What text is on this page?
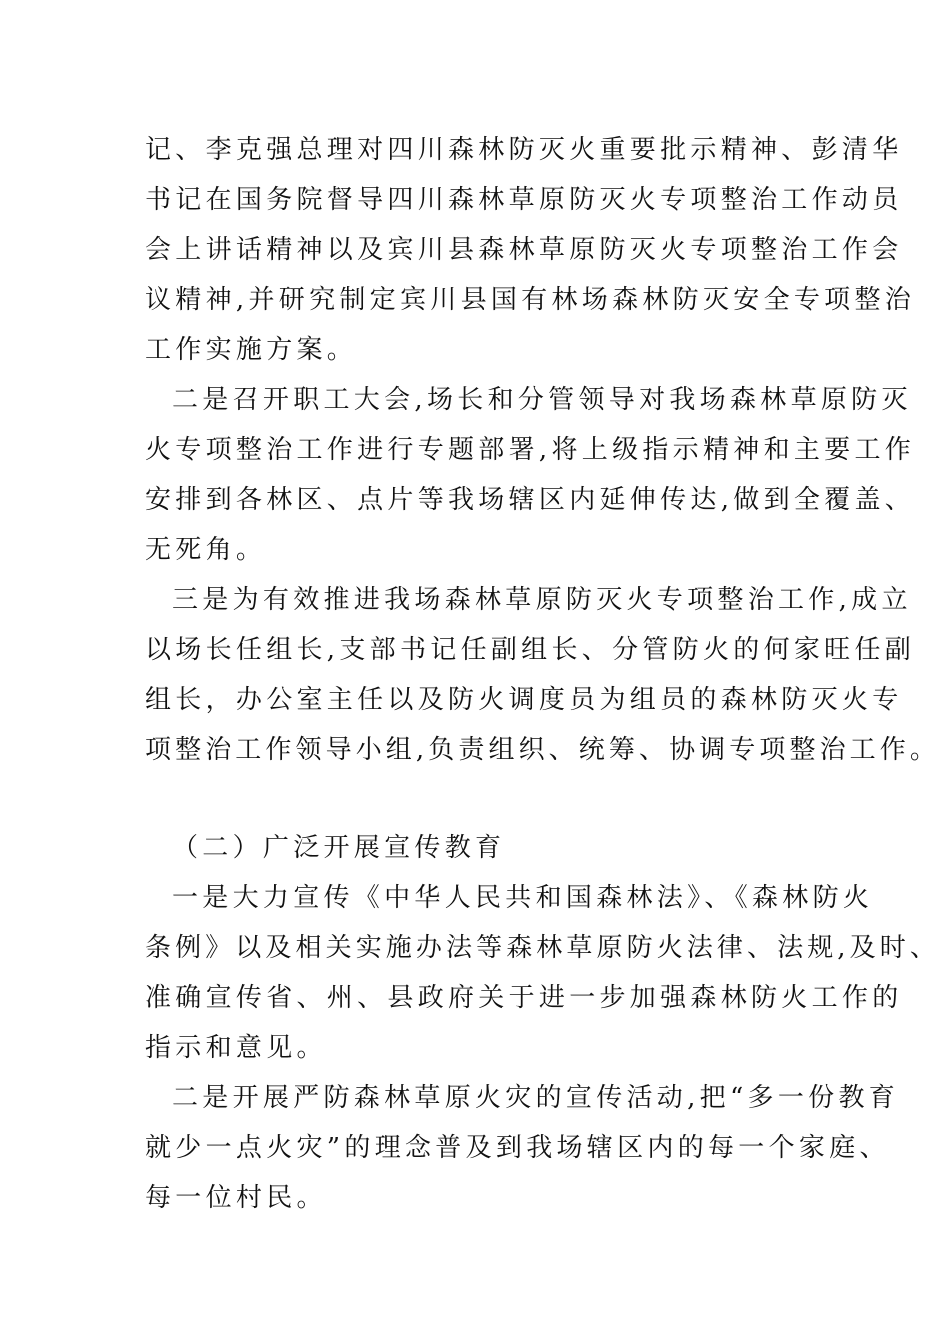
记、李克强总理对四川森林防灭火重要批示精神、彭清华
书记在国务院督导四川森林草原防灭火专项整治工作动员
会上讲话精神以及宾川县森林草原防灭火专项整治工作会
议精神,并研究制定宾川县国有林场森林防灭安全专项整治
工作实施方案。
二是召开职工大会,场长和分管领导对我场森林草原防灭
火专项整治工作进行专题部署,将上级指示精神和主要工作
安排到各林区、点片等我场辖区内延伸传达,做到全覆盖、
无死角。
三是为有效推进我场森林草原防灭火专项整治工作,成立
以场长任组长,支部书记任副组长、分管防火的何家旺任副
组长，办公室主任以及防火调度员为组员的森林防灭火专
项整治工作领导小组,负责组织、统筹、协调专项整治工作。
（二）广泛开展宣传教育
一是大力宣传《中华人民共和国森林法》、《森林防火
条例》以及相关实施办法等森林草原防火法律、法规,及时、
准确宣传省、州、县政府关于进一步加强森林防火工作的
指示和意见。
二是开展严防森林草原火灾的宣传活动,把“多一份教育
就少一点火灾”的理念普及到我场辖区内的每一个家庭、
每一位村民。
